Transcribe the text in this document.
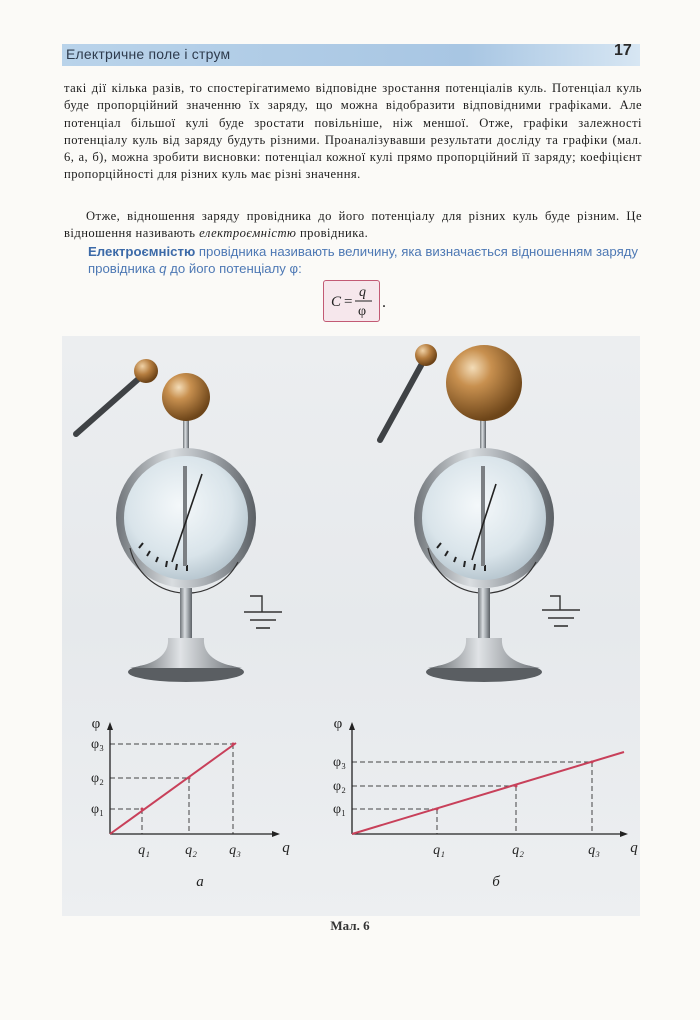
Електричне поле і струм	17
такі дії кілька разів, то спостерігатимемо відповідне зростання потенціалів куль. Потенціал куль буде пропорційний значенню їх заряду, що можна відобразити відповідними графіками. Але потенціал більшої кулі буде зростати повільніше, ніж меншої. Отже, графіки залежності потенціалу куль від заряду будуть різними. Проаналізувавши результати досліду та графіки (мал. 6, а, б), можна зробити висновки: потенціал кожної кулі прямо пропорційний її заряду; коефіцієнт пропорційності для різних куль має різні значення.
Отже, відношення заряду провідника до його потенціалу для різних куль буде різним. Це відношення називають електроємністю провідника.
Електроємністю провідника називають величину, яка визначається відношенням заряду провідника q до його потенціалу φ:
C =
q
φ
.
q₁	q₂ q₃
φ₁
φ₂
φ₃
φ
q	q₁	q₂	q₃
φ₁
φ₂
φ₃
φ
q
а	б
Мал. 6
